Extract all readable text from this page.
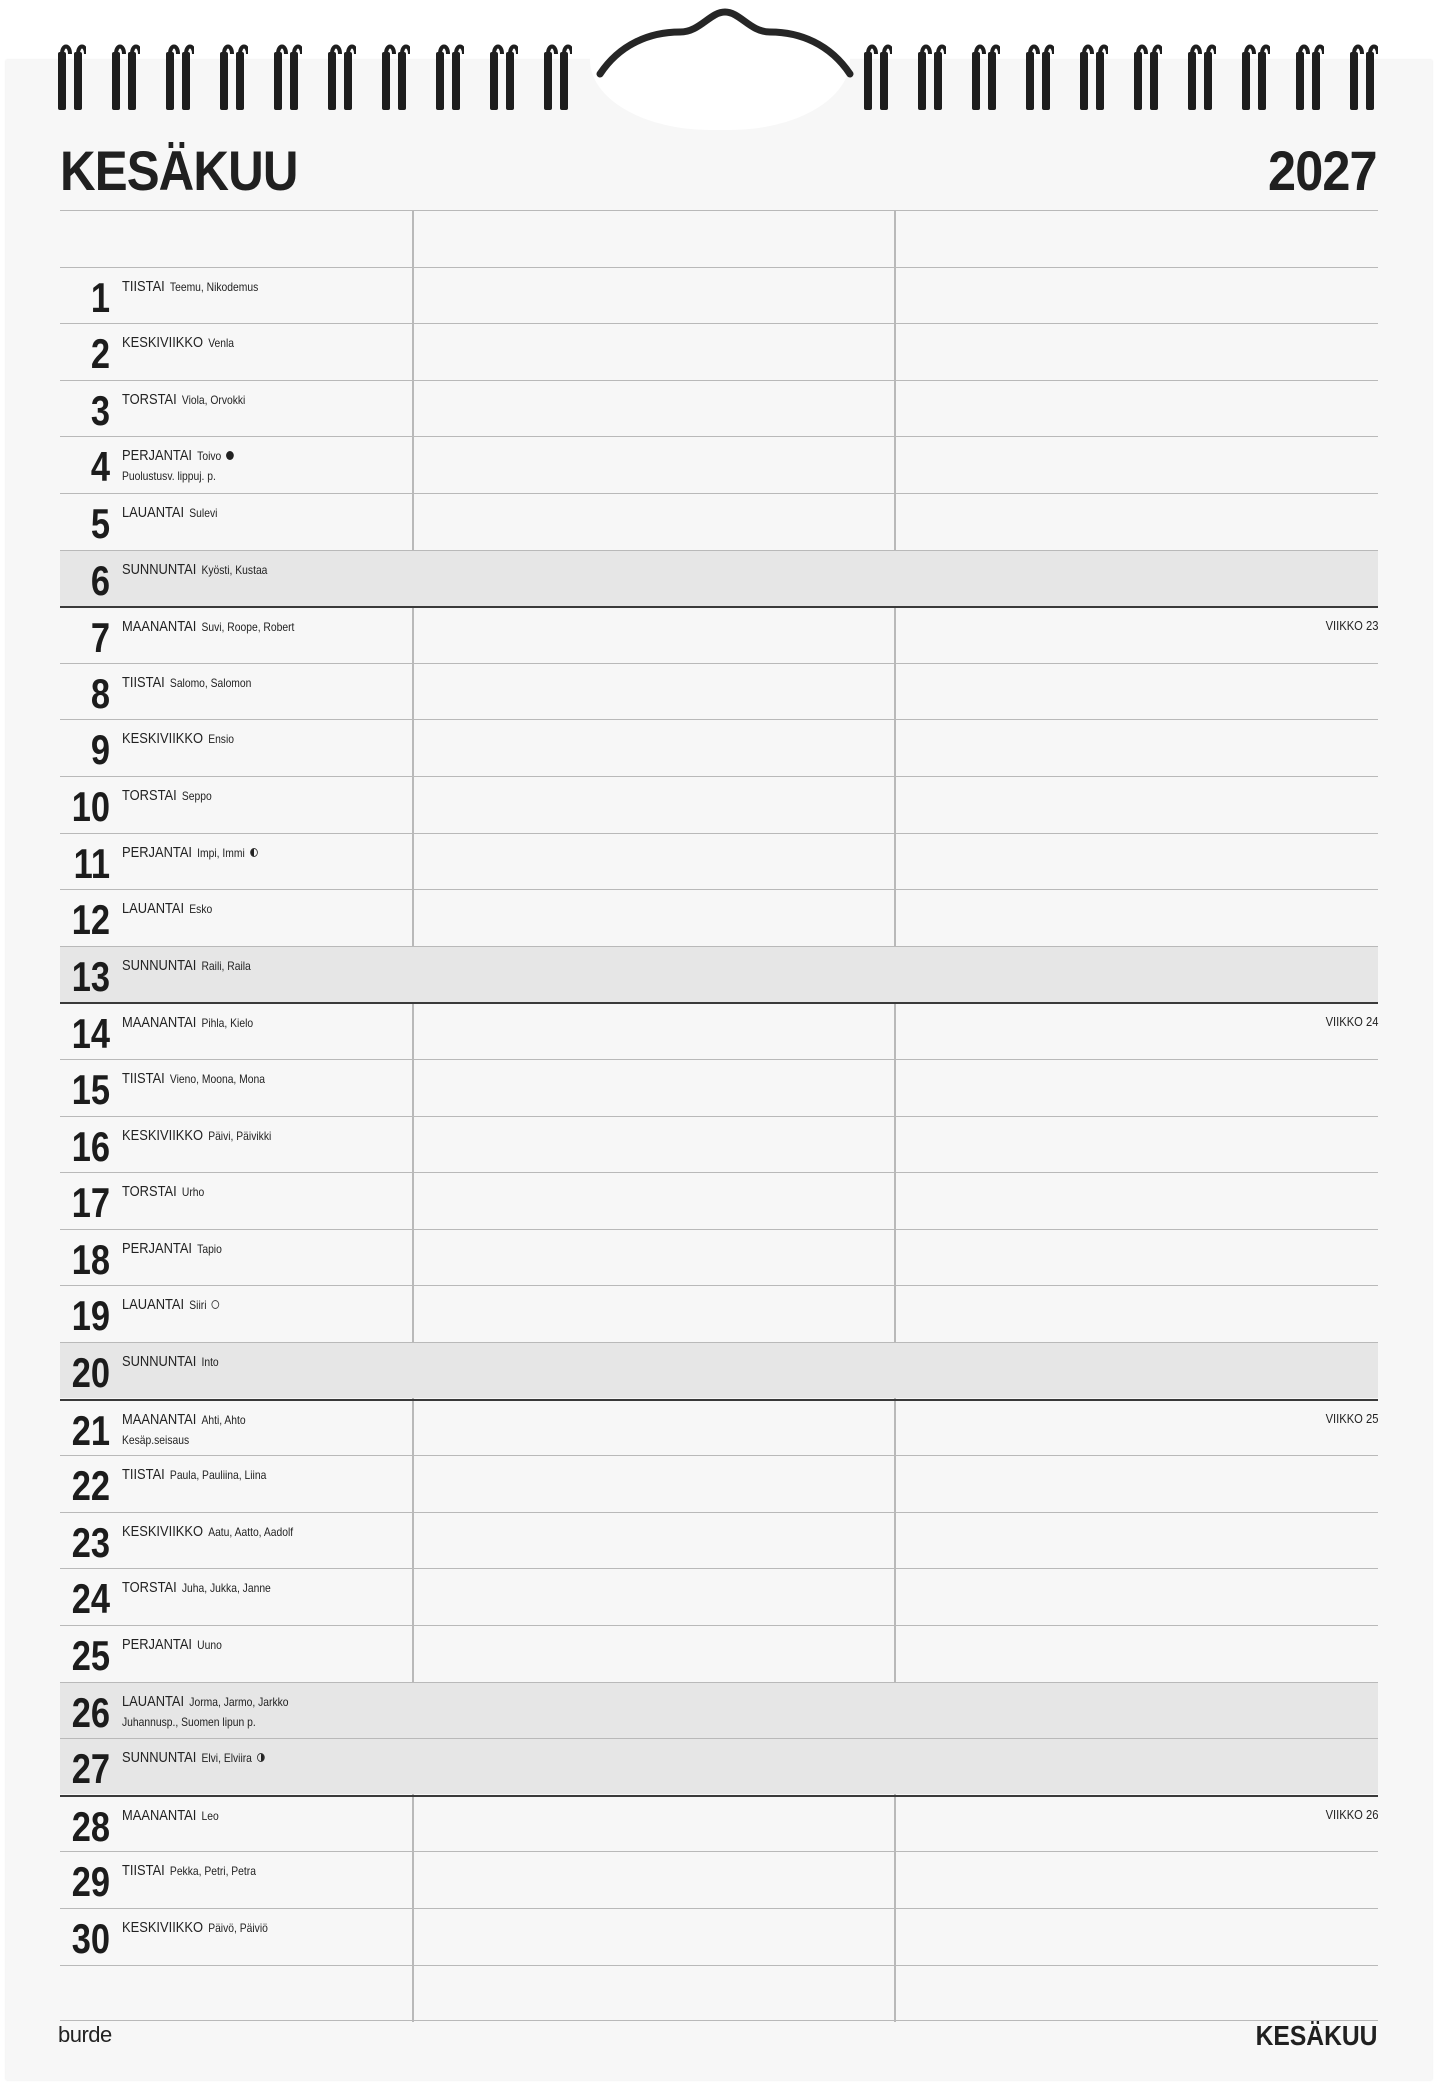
KESÄKUU	2027
1 TIISTAI Teemu, Nikodemus
2 KESKIVIIKKO Venla
3 TORSTAI Viola, Orvokki
4 PERJANTAI Toivo
Puolustusv. lippuj. p.
5 LAUANTAI Sulevi
6 SUNNUNTAI Kyösti, Kustaa
7 MAANANTAI Suvi, Roope, Robert	VIIKKO 23
8 TIISTAI Salomo, Salomon
9 KESKIVIIKKO Ensio
10 TORSTAI Seppo
11 PERJANTAI Impi, Immi
12 LAUANTAI Esko
13 SUNNUNTAI Raili, Raila
14 MAANANTAI Pihla, Kielo	VIIKKO 24
15 TIISTAI Vieno, Moona, Mona
16 KESKIVIIKKO Päivi, Päivikki
17 TORSTAI Urho
18 PERJANTAI Tapio
19 LAUANTAI Siiri
20 SUNNUNTAI Into
21 MAANANTAI Ahti, Ahto
Kesäp.seisaus
VIIKKO 25
22 TIISTAI Paula, Pauliina, Liina
23 KESKIVIIKKO Aatu, Aatto, Aadolf
24 TORSTAI Juha, Jukka, Janne
25 PERJANTAI Uuno
26 LAUANTAI Jorma, Jarmo, Jarkko
Juhannusp., Suomen lipun p.
27 SUNNUNTAI Elvi, Elviira
28 MAANANTAI Leo	VIIKKO 26
29 TIISTAI Pekka, Petri, Petra
30 KESKIVIIKKO Päivö, Päiviö
burde	KESÄKUU
